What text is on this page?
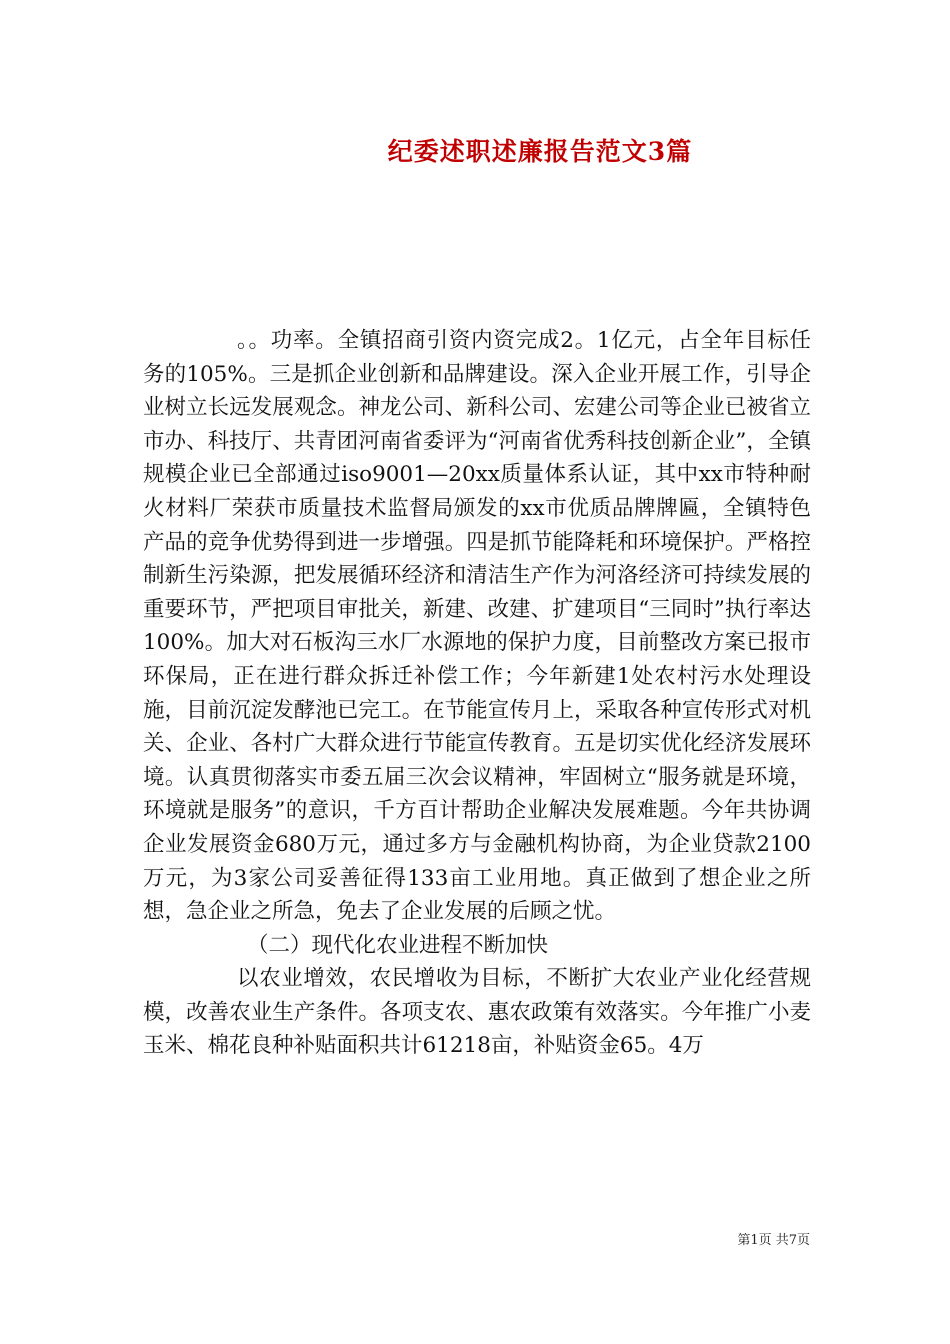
纪委述职述廉报告范文3篇

。。功率。全镇招商引资内资完成2。1亿元，占全年目标任务的105%。三是抓企业创新和品牌建设。深入企业开展工作，引导企业树立长远发展观念。神龙公司、新科公司、宏建公司等企业已被省立市办、科技厅、共青团河南省委评为“河南省优秀科技创新企业”，全镇规模企业已全部通过iso9001—20xx质量体系认证，其中xx市特种耐火材料厂荣获市质量技术监督局颁发的xx市优质品牌牌匾，全镇特色产品的竞争优势得到进一步增强。四是抓节能降耗和环境保护。严格控制新生污染源，把发展循环经济和清洁生产作为河洛经济可持续发展的重要环节，严把项目审批关，新建、改建、扩建项目“三同时”执行率达100%。加大对石板沟三水厂水源地的保护力度，目前整改方案已报市环保局，正在进行群众拆迁补偿工作；今年新建1处农村污水处理设施，目前沉淀发酵池已完工。在节能宣传月上，采取各种宣传形式对机关、企业、各村广大群众进行节能宣传教育。五是切实优化经济发展环境。认真贯彻落实市委五届三次会议精神，牢固树立“服务就是环境，环境就是服务”的意识，千方百计帮助企业解决发展难题。今年共协调企业发展资金680万元，通过多方与金融机构协商，为企业贷款2100万元，为3家公司妥善征得133亩工业用地。真正做到了想企业之所想，急企业之所急，免去了企业发展的后顾之忧。

（二）现代化农业进程不断加快

以农业增效，农民增收为目标，不断扩大农业产业化经营规模，改善农业生产条件。各项支农、惠农政策有效落实。今年推广小麦玉米、棉花良种补贴面积共计61218亩，补贴资金65。4万

第1页 共7页
